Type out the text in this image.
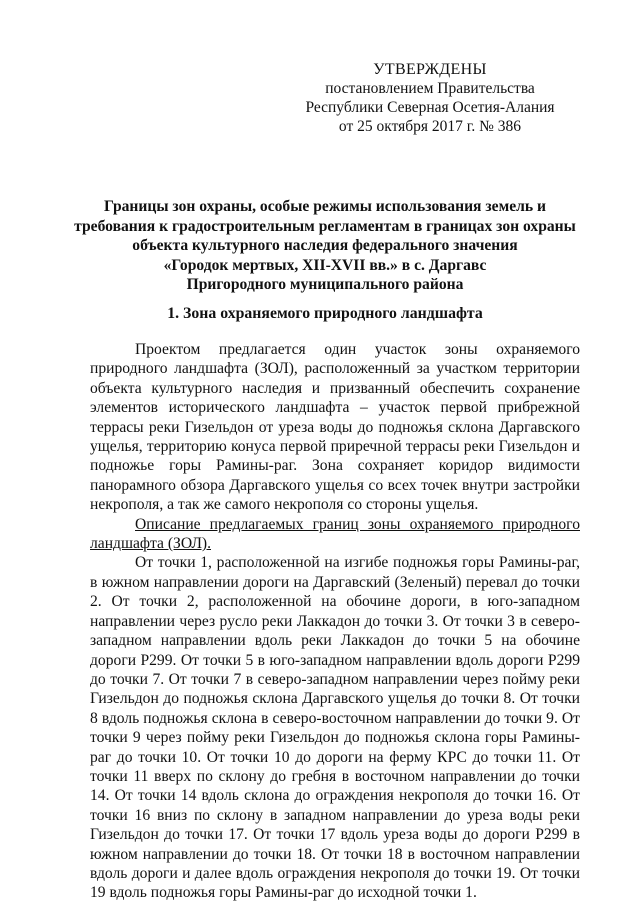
УТВЕРЖДЕНЫ
постановлением Правительства
Республики Северная Осетия-Алания
от 25 октября 2017 г. № 386
Границы зон охраны, особые режимы использования земель и
требования к градостроительным регламентам в границах зон охраны
объекта культурного наследия федерального значения
«Городок мертвых, XII-XVII вв.» в с. Даргавс
Пригородного муниципального района
1. Зона охраняемого природного ландшафта

Проектом предлагается один участок зоны охраняемого природного ландшафта (ЗОЛ), расположенный за участком территории объекта культурного наследия и призванный обеспечить сохранение элементов исторического ландшафта – участок первой прибрежной террасы реки Гизельдон от уреза воды до подножья склона Даргавского ущелья, территорию конуса первой приречной террасы реки Гизельдон и подножье горы Рамины-раг. Зона сохраняет коридор видимости панорамного обзора Даргавского ущелья со всех точек внутри застройки некрополя, а так же самого некрополя со стороны ущелья.

Описание предлагаемых границ зоны охраняемого природного ландшафта (ЗОЛ).

От точки 1, расположенной на изгибе подножья горы Рамины-раг, в южном направлении дороги на Даргавский (Зеленый) перевал до точки 2. От точки 2, расположенной на обочине дороги, в юго-западном направлении через русло реки Лаккадон до точки 3. От точки 3 в северо-западном направлении вдоль реки Лаккадон до точки 5 на обочине дороги Р299. От точки 5 в юго-западном направлении вдоль дороги Р299 до точки 7. От точки 7 в северо-западном направлении через пойму реки Гизельдон до подножья склона Даргавского ущелья до точки 8. От точки 8 вдоль подножья склона в северо-восточном направлении до точки 9. От точки 9 через пойму реки Гизельдон до подножья склона горы Рамины-раг до точки 10. От точки 10 до дороги на ферму КРС до точки 11. От точки 11 вверх по склону до гребня в восточном направлении до точки 14. От точки 14 вдоль склона до ограждения некрополя до точки 16. От точки 16 вниз по склону в западном направлении до уреза воды реки Гизельдон до точки 17. От точки 17 вдоль уреза воды до дороги Р299 в южном направлении до точки 18. От точки 18 в восточном направлении вдоль дороги и далее вдоль ограждения некрополя до точки 19. От точки 19 вдоль подножья горы Рамины-раг до исходной точки 1.
